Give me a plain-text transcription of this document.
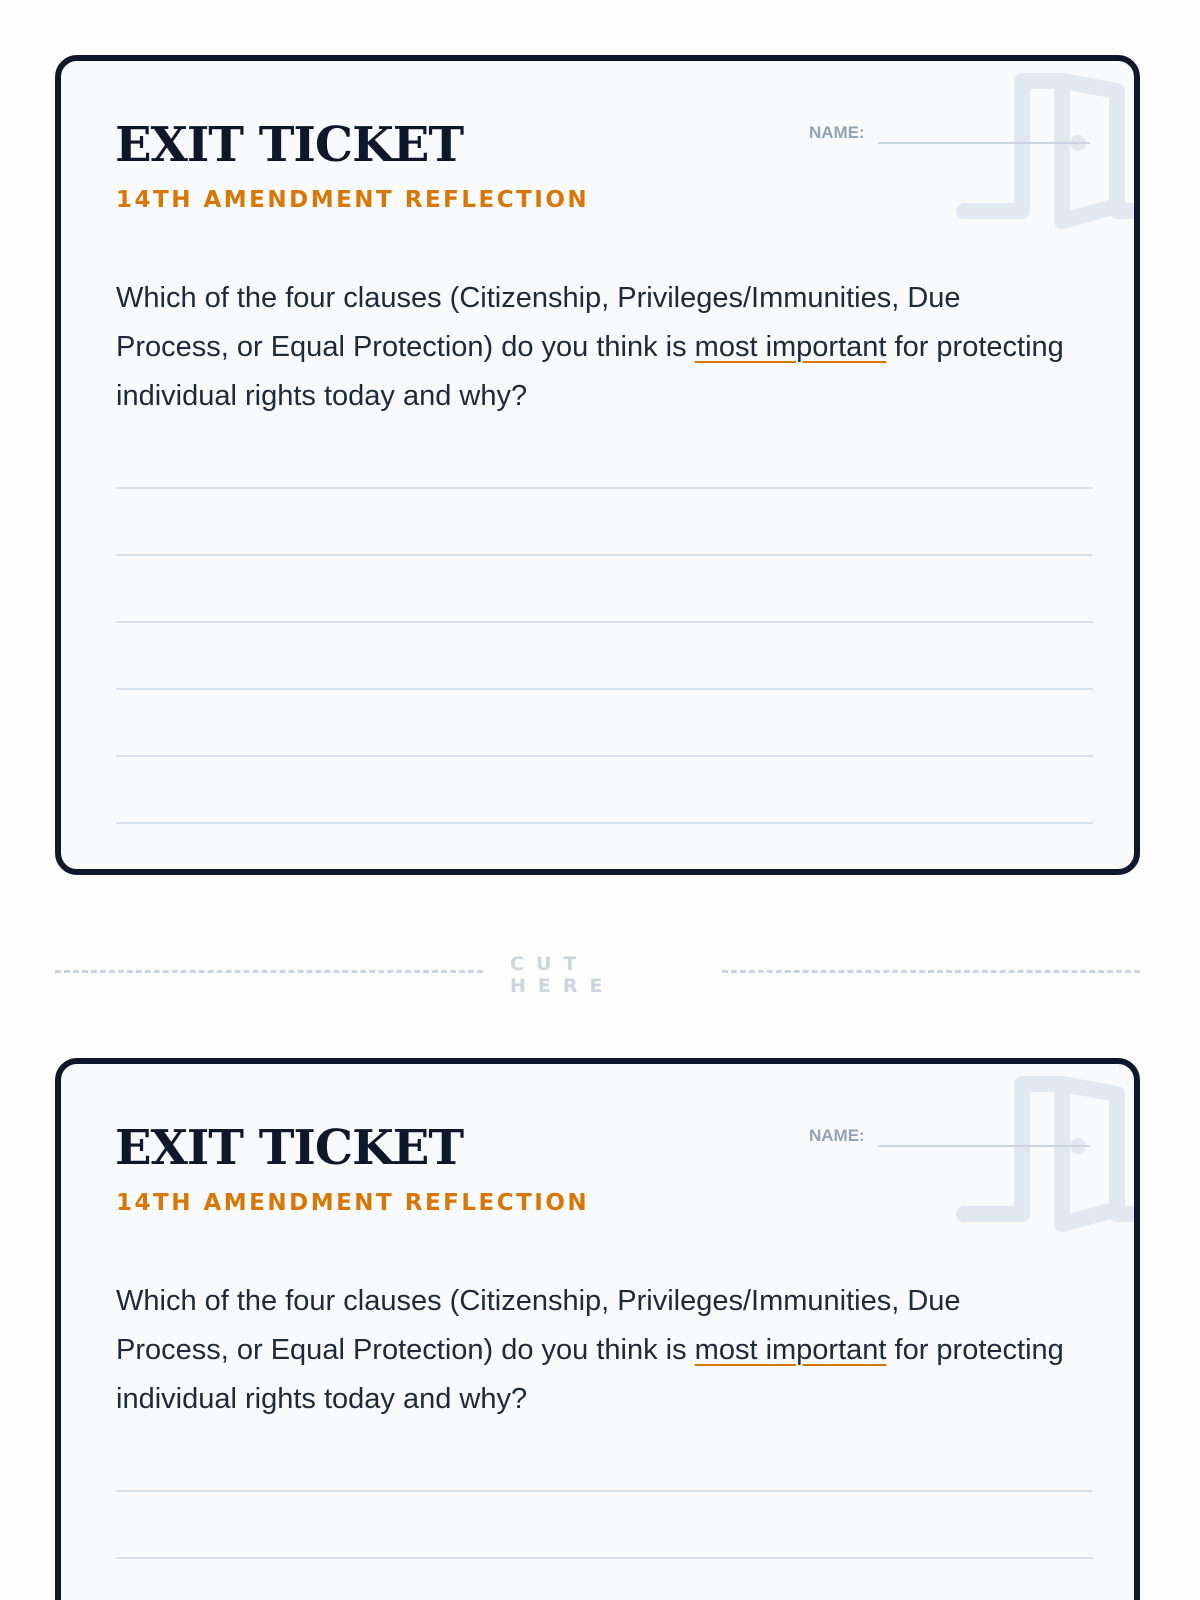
EXIT TICKET
14TH AMENDMENT REFLECTION
NAME:

Which of the four clauses (Citizenship, Privileges/Immunities, Due Process, or Equal Protection) do you think is most important for protecting individual rights today and why?

CUT HERE
EXIT TICKET
14TH AMENDMENT REFLECTION
NAME:

Which of the four clauses (Citizenship, Privileges/Immunities, Due Process, or Equal Protection) do you think is most important for protecting individual rights today and why?
